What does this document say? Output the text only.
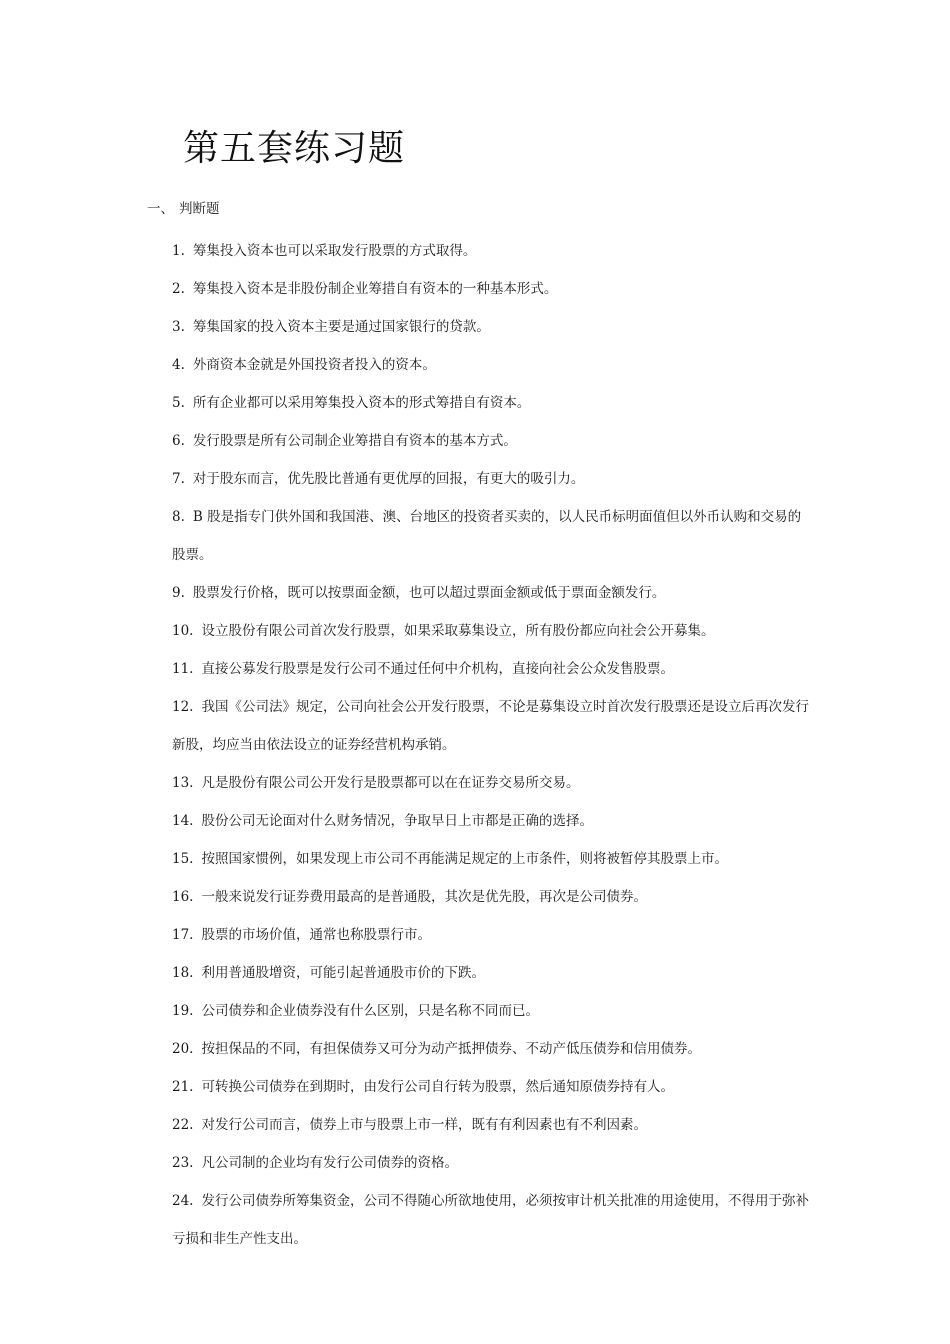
第五套练习题
一、 判断题
1. 筹集投入资本也可以采取发行股票的方式取得。
2. 筹集投入资本是非股份制企业筹措自有资本的一种基本形式。
3. 筹集国家的投入资本主要是通过国家银行的贷款。
4. 外商资本金就是外国投资者投入的资本。
5. 所有企业都可以采用筹集投入资本的形式筹措自有资本。
6. 发行股票是所有公司制企业筹措自有资本的基本方式。
7. 对于股东而言，优先股比普通有更优厚的回报，有更大的吸引力。
8. B 股是指专门供外国和我国港、澳、台地区的投资者买卖的，以人民币标明面值但以外币认购和交易的股票。
9. 股票发行价格，既可以按票面金额，也可以超过票面金额或低于票面金额发行。
10. 设立股份有限公司首次发行股票，如果采取募集设立，所有股份都应向社会公开募集。
11. 直接公募发行股票是发行公司不通过任何中介机构，直接向社会公众发售股票。
12. 我国《公司法》规定，公司向社会公开发行股票，不论是募集设立时首次发行股票还是设立后再次发行新股，均应当由依法设立的证券经营机构承销。
13. 凡是股份有限公司公开发行是股票都可以在在证券交易所交易。
14. 股份公司无论面对什么财务情况，争取早日上市都是正确的选择。
15. 按照国家惯例，如果发现上市公司不再能满足规定的上市条件，则将被暂停其股票上市。
16. 一般来说发行证券费用最高的是普通股，其次是优先股，再次是公司债券。
17. 股票的市场价值，通常也称股票行市。
18. 利用普通股增资，可能引起普通股市价的下跌。
19. 公司债券和企业债券没有什么区别，只是名称不同而已。
20. 按担保品的不同，有担保债券又可分为动产抵押债券、不动产低压债券和信用债券。
21. 可转换公司债券在到期时，由发行公司自行转为股票，然后通知原债券持有人。
22. 对发行公司而言，债券上市与股票上市一样，既有有利因素也有不利因素。
23. 凡公司制的企业均有发行公司债券的资格。
24. 发行公司债券所筹集资金，公司不得随心所欲地使用，必须按审计机关批准的用途使用，不得用于弥补亏损和非生产性支出。
